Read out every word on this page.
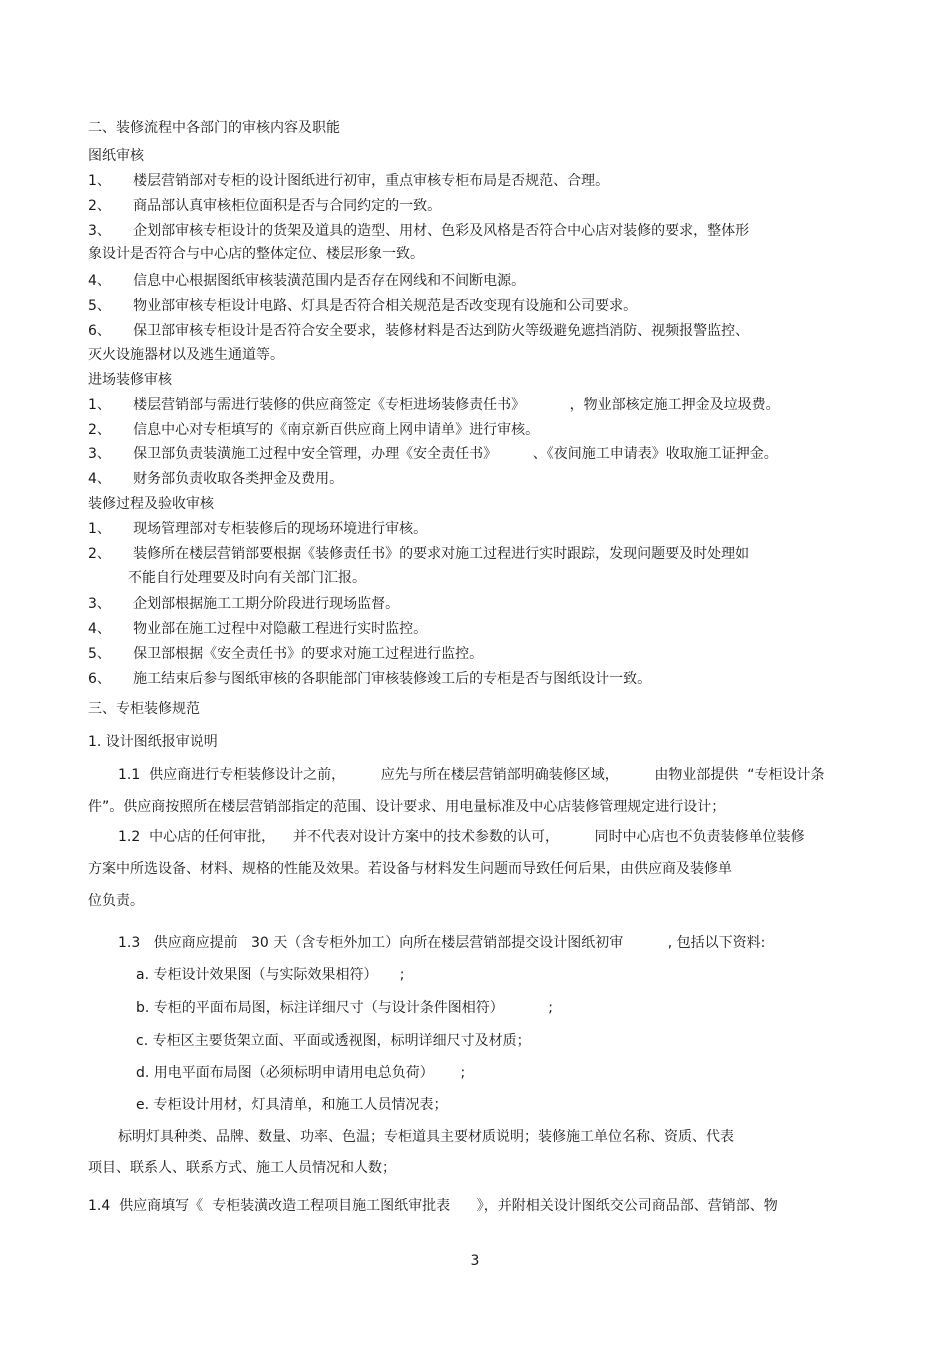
二、装修流程中各部门的审核内容及职能
图纸审核
1、     楼层营销部对专柜的设计图纸进行初审，重点审核专柜布局是否规范、合理。
2、     商品部认真审核柜位面积是否与合同约定的一致。
3、     企划部审核专柜设计的货架及道具的造型、用材、色彩及风格是否符合中心店对装修的要求，整体形
象设计是否符合与中心店的整体定位、楼层形象一致。
4、     信息中心根据图纸审核装潢范围内是否存在网线和不间断电源。
5、     物业部审核专柜设计电路、灯具是否符合相关规范是否改变现有设施和公司要求。
6、     保卫部审核专柜设计是否符合安全要求，装修材料是否达到防火等级避免遮挡消防、视频报警监控、
灭火设施器材以及逃生通道等。
进场装修审核
1、     楼层营销部与需进行装修的供应商签定《专柜进场装修责任书》          ，物业部核定施工押金及垃圾费。
2、     信息中心对专柜填写的《南京新百供应商上网申请单》进行审核。
3、     保卫部负责装潢施工过程中安全管理，办理《安全责任书》        、《夜间施工申请表》收取施工证押金。
4、     财务部负责收取各类押金及费用。
装修过程及验收审核
1、     现场管理部对专柜装修后的现场环境进行审核。
2、     装修所在楼层营销部要根据《装修责任书》的要求对施工过程进行实时跟踪，发现问题要及时处理如
不能自行处理要及时向有关部门汇报。
3、     企划部根据施工工期分阶段进行现场监督。
4、     物业部在施工过程中对隐蔽工程进行实时监控。
5、     保卫部根据《安全责任书》的要求对施工过程进行监控。
6、     施工结束后参与图纸审核的各职能部门审核装修竣工后的专柜是否与图纸设计一致。
三、专柜装修规范
1. 设计图纸报审说明
1.1  供应商进行专柜装修设计之前，        应先与所在楼层营销部明确装修区域，        由物业部提供  “专柜设计条
件”。供应商按照所在楼层营销部指定的范围、设计要求、用电量标准及中心店装修管理规定进行设计；
1.2  中心店的任何审批，    并不代表对设计方案中的技术参数的认可，        同时中心店也不负责装修单位装修
方案中所选设备、材料、规格的性能及效果。若设备与材料发生问题而导致任何后果，由供应商及装修单
位负责。
1.3   供应商应提前   30 天（含专柜外加工）向所在楼层营销部提交设计图纸初审          , 包括以下资料:
a. 专柜设计效果图（与实际效果相符）     ;
b. 专柜的平面布局图，标注详细尺寸（与设计条件图相符）          ;
c. 专柜区主要货架立面、平面或透视图，标明详细尺寸及材质；
d. 用电平面布局图（必须标明申请用电总负荷）      ;
e. 专柜设计用材，灯具清单，和施工人员情况表；
标明灯具种类、品牌、数量、功率、色温；专柜道具主要材质说明；装修施工单位名称、资质、代表
项目、联系人、联系方式、施工人员情况和人数；
1.4  供应商填写《  专柜装潢改造工程项目施工图纸审批表      》，并附相关设计图纸交公司商品部、营销部、物
3
